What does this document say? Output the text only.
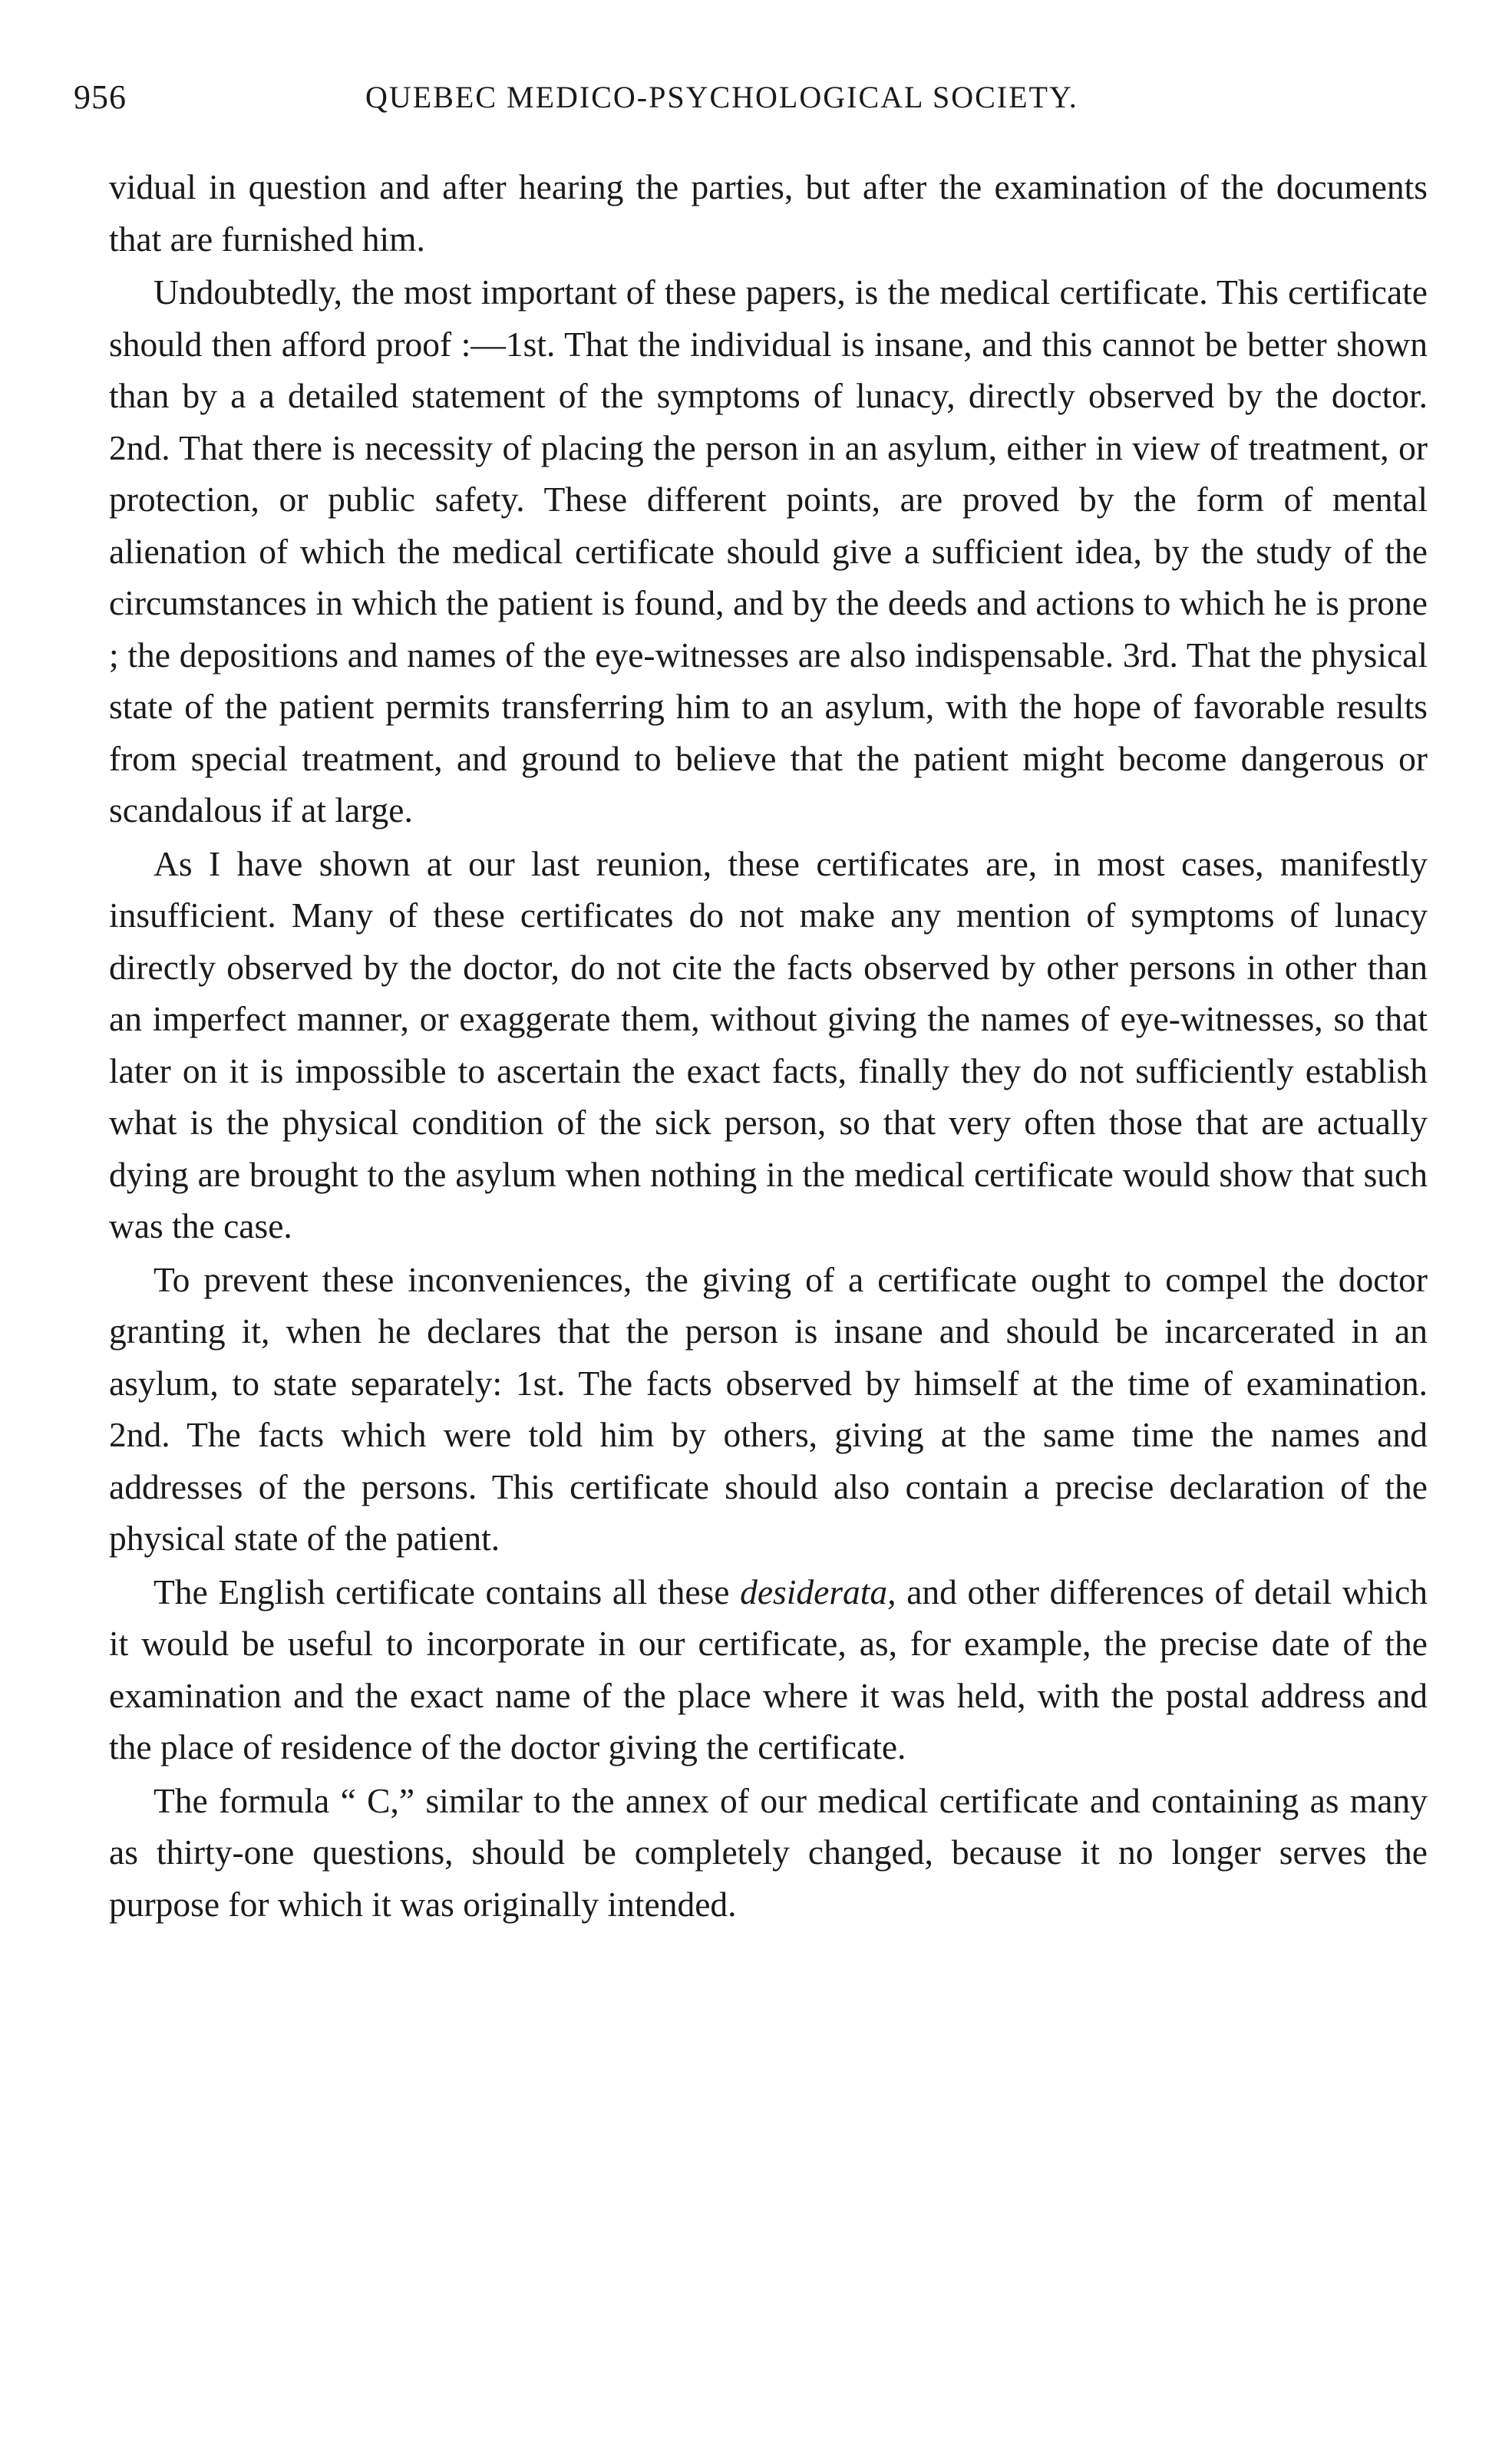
956	QUEBEC MEDICO-PSYCHOLOGICAL SOCIETY.

vidual in question and after hearing the parties, but after the examination of the documents that are furnished him.

Undoubtedly, the most important of these papers, is the medical certificate. This certificate should then afford proof :—1st. That the individual is insane, and this cannot be better shown than by a a detailed statement of the symptoms of lunacy, directly observed by the doctor. 2nd. That there is necessity of placing the person in an asylum, either in view of treatment, or protection, or public safety. These different points, are proved by the form of mental alienation of which the medical certificate should give a sufficient idea, by the study of the circumstances in which the patient is found, and by the deeds and actions to which he is prone ; the depositions and names of the eye-witnesses are also indispensable. 3rd. That the physical state of the patient permits transferring him to an asylum, with the hope of favorable results from special treatment, and ground to believe that the patient might become dangerous or scandalous if at large.

As I have shown at our last reunion, these certificates are, in most cases, manifestly insufficient. Many of these certificates do not make any mention of symptoms of lunacy directly observed by the doctor, do not cite the facts observed by other persons in other than an imperfect manner, or exaggerate them, without giving the names of eye-witnesses, so that later on it is impossible to ascertain the exact facts, finally they do not sufficiently establish what is the physical condition of the sick person, so that very often those that are actually dying are brought to the asylum when nothing in the medical certificate would show that such was the case.

To prevent these inconveniences, the giving of a certificate ought to compel the doctor granting it, when he declares that the person is insane and should be incarcerated in an asylum, to state separately: 1st. The facts observed by himself at the time of examination. 2nd. The facts which were told him by others, giving at the same time the names and addresses of the persons. This certificate should also contain a precise declaration of the physical state of the patient.

The English certificate contains all these desiderata, and other differences of detail which it would be useful to incorporate in our certificate, as, for example, the precise date of the examination and the exact name of the place where it was held, with the postal address and the place of residence of the doctor giving the certificate.

The formula “ C,” similar to the annex of our medical certificate and containing as many as thirty-one questions, should be completely changed, because it no longer serves the purpose for which it was originally intended.
